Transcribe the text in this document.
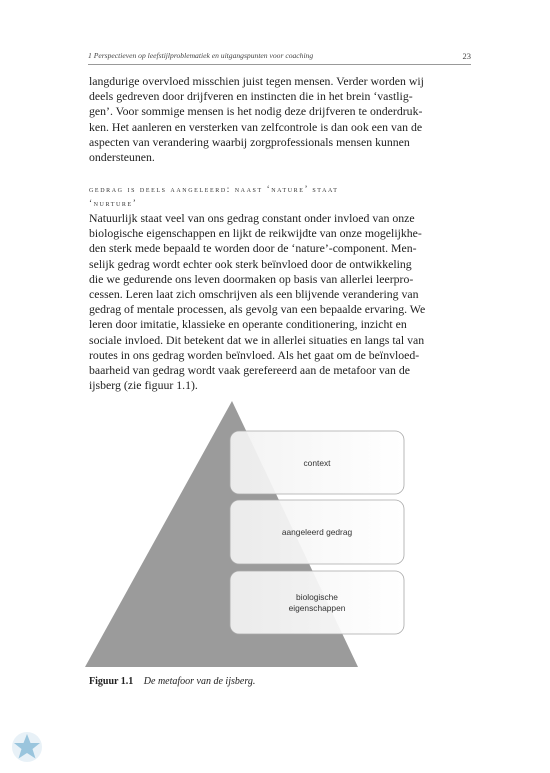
1 Perspectieven op leefstijlproblematiek en uitgangspunten voor coaching	23

langdurige overvloed misschien juist tegen mensen. Verder worden wij
deels gedreven door drijfveren en instincten die in het brein ‘vastlig-
gen’. Voor sommige mensen is het nodig deze drijfveren te onderdruk-
ken. Het aanleren en versterken van zelfcontrole is dan ook een van de
aspecten van verandering waarbij zorgprofessionals mensen kunnen
ondersteunen.

gedrag is deels aangeleerd: naast ‘nature’ staat
‘nurture’

Natuurlijk staat veel van ons gedrag constant onder invloed van onze
biologische eigenschappen en lijkt de reikwijdte van onze mogelijkhe-
den sterk mede bepaald te worden door de ‘nature’-component. Men-
selijk gedrag wordt echter ook sterk beïnvloed door de ontwikkeling
die we gedurende ons leven doormaken op basis van allerlei leerpro-
cessen. Leren laat zich omschrijven als een blijvende verandering van
gedrag of mentale processen, als gevolg van een bepaalde ervaring. We
leren door imitatie, klassieke en operante conditionering, inzicht en
sociale invloed. Dit betekent dat we in allerlei situaties en langs tal van
routes in ons gedrag worden beïnvloed. Als het gaat om de beïnvloed-
baarheid van gedrag wordt vaak gerefereerd aan de metafoor van de
ijsberg (zie figuur 1.1).

context
aangeleerd gedrag
biologische
eigenschappen
Figuur 1.1 De metafoor van de ijsberg.
